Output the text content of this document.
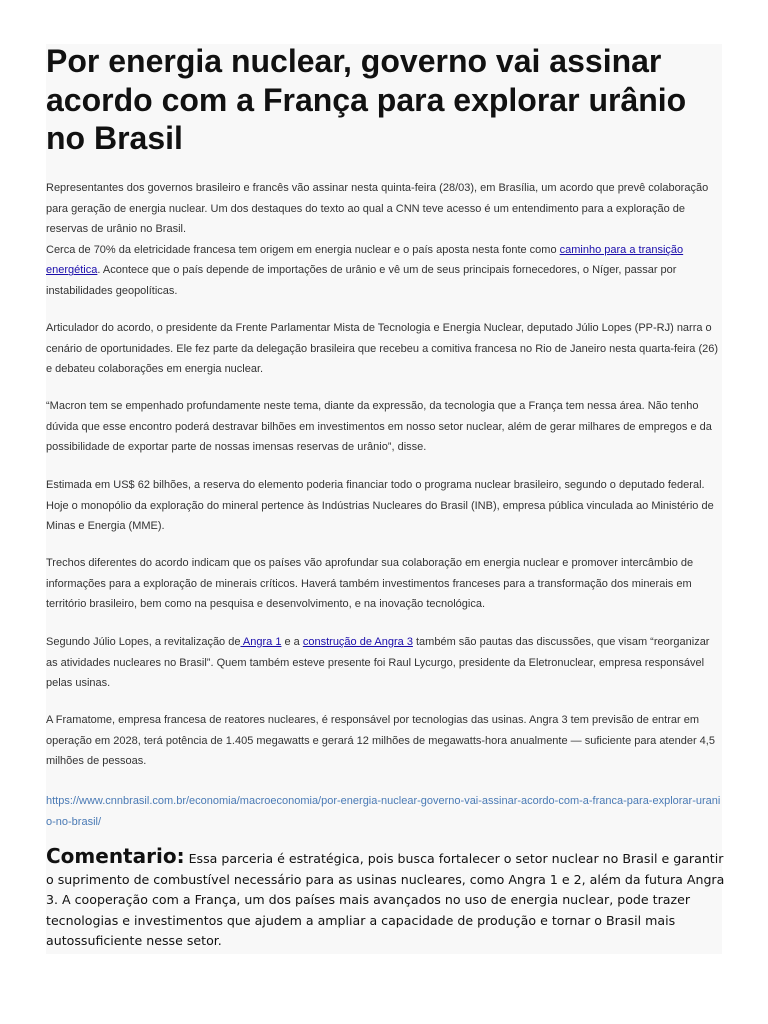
Por energia nuclear, governo vai assinar acordo com a França para explorar urânio no Brasil

Representantes dos governos brasileiro e francês vão assinar nesta quinta-feira (28/03), em Brasília, um acordo que prevê colaboração para geração de energia nuclear. Um dos destaques do texto ao qual a CNN teve acesso é um entendimento para a exploração de reservas de urânio no Brasil.
Cerca de 70% da eletricidade francesa tem origem em energia nuclear e o país aposta nesta fonte como caminho para a transição energética. Acontece que o país depende de importações de urânio e vê um de seus principais fornecedores, o Níger, passar por instabilidades geopolíticas.

Articulador do acordo, o presidente da Frente Parlamentar Mista de Tecnologia e Energia Nuclear, deputado Júlio Lopes (PP-RJ) narra o cenário de oportunidades. Ele fez parte da delegação brasileira que recebeu a comitiva francesa no Rio de Janeiro nesta quarta-feira (26) e debateu colaborações em energia nuclear.

“Macron tem se empenhado profundamente neste tema, diante da expressão, da tecnologia que a França tem nessa área. Não tenho dúvida que esse encontro poderá destravar bilhões em investimentos em nosso setor nuclear, além de gerar milhares de empregos e da possibilidade de exportar parte de nossas imensas reservas de urânio”, disse.

Estimada em US$ 62 bilhões, a reserva do elemento poderia financiar todo o programa nuclear brasileiro, segundo o deputado federal. Hoje o monopólio da exploração do mineral pertence às Indústrias Nucleares do Brasil (INB), empresa pública vinculada ao Ministério de Minas e Energia (MME).

Trechos diferentes do acordo indicam que os países vão aprofundar sua colaboração em energia nuclear e promover intercâmbio de informações para a exploração de minerais críticos. Haverá também investimentos franceses para a transformação dos minerais em território brasileiro, bem como na pesquisa e desenvolvimento, e na inovação tecnológica.

Segundo Júlio Lopes, a revitalização de Angra 1 e a construção de Angra 3 também são pautas das discussões, que visam “reorganizar as atividades nucleares no Brasil”. Quem também esteve presente foi Raul Lycurgo, presidente da Eletronuclear, empresa responsável pelas usinas.

A Framatome, empresa francesa de reatores nucleares, é responsável por tecnologias das usinas. Angra 3 tem previsão de entrar em operação em 2028, terá potência de 1.405 megawatts e gerará 12 milhões de megawatts-hora anualmente — suficiente para atender 4,5 milhões de pessoas.

https://www.cnnbrasil.com.br/economia/macroeconomia/por-energia-nuclear-governo-vai-assinar-acordo-com-a-franca-para-explorar-uranio-no-brasil/

Comentario: Essa parceria é estratégica, pois busca fortalecer o setor nuclear no Brasil e garantir o suprimento de combustível necessário para as usinas nucleares, como Angra 1 e 2, além da futura Angra 3. A cooperação com a França, um dos países mais avançados no uso de energia nuclear, pode trazer tecnologias e investimentos que ajudem a ampliar a capacidade de produção e tornar o Brasil mais autossuficiente nesse setor.
